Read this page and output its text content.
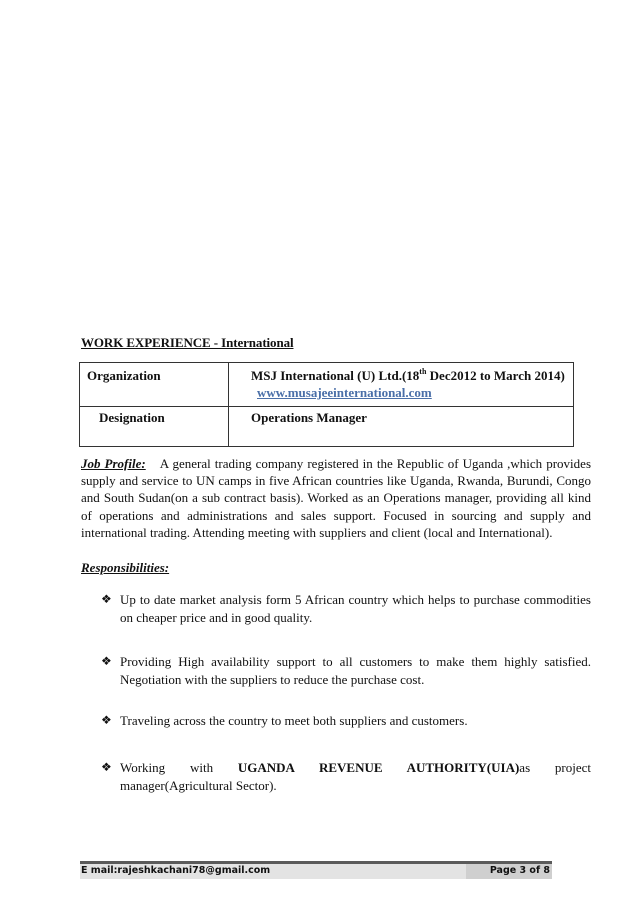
WORK EXPERIENCE - International
Organization	MSJ International (U) Ltd.(18th Dec2012 to March 2014)
www.musajeeinternational.com

Designation	Operations Manager
Job Profile: A general trading company registered in the Republic of Uganda ,which provides supply and service to UN camps in five African countries like Uganda, Rwanda, Burundi, Congo and South Sudan(on a sub contract basis). Worked as an Operations manager, providing all kind of operations and administrations and sales support. Focused in sourcing and supply and international trading. Attending meeting with suppliers and client (local and International).
Responsibilities:
❖ Up to date market analysis form 5 African country which helps to purchase commodities on cheaper price and in good quality.
❖ Providing High availability support to all customers to make them highly satisfied. Negotiation with the suppliers to reduce the purchase cost.
❖ Traveling across the country to meet both suppliers and customers.
❖ Working with UGANDA REVENUE AUTHORITY(UIA)as project manager(Agricultural Sector).
E mail:rajeshkachani78@gmail.com	Page 3 of 8
